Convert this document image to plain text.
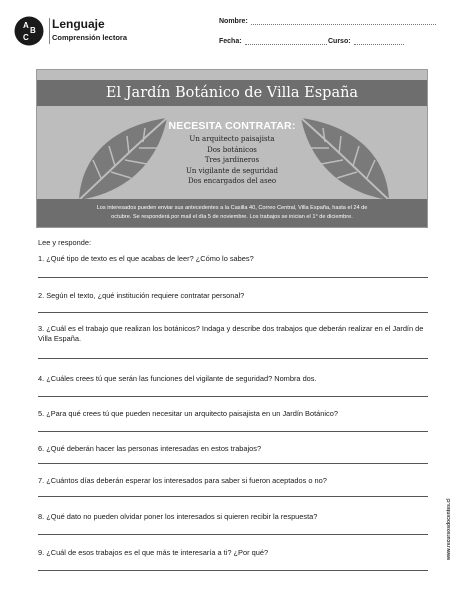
A
B
C
Lenguaje
Comprensión lectora
Nombre:
Fecha:	Curso:
El Jardín Botánico de Villa España
NECESITA CONTRATAR:
Un arquitecto paisajista
Dos botánicos
Tres jardineros
Un vigilante de seguridad
Dos encargados del aseo
Los interesados pueden enviar sus antecedentes a la Casilla 40, Correo Central, Villa España, hasta el 24 de
octubre. Se responderá por mail el día 5 de noviembre. Los trabajos se inician el 1° de diciembre.
Lee y responde:
1. ¿Qué tipo de texto es el que acabas de leer? ¿Cómo lo sabes?
2. Según el texto, ¿qué institución requiere contratar personal?
3. ¿Cuál es el trabajo que realizan los botánicos? Indaga y describe dos trabajos que deberán realizar en el Jardín de Villa España.
4. ¿Cuáles crees tú que serán las funciones del vigilante de seguridad? Nombra dos.
5. ¿Para qué crees tú que pueden necesitar un arquitecto paisajista en un Jardín Botánico?
6. ¿Qué deberán hacer las personas interesadas en estos trabajos?
7. ¿Cuántos días deberán esperar los interesados para saber si fueron aceptados o no?
8. ¿Qué dato no pueden olvidar poner los interesados si quieren recibir la respuesta?
9. ¿Cuál de esos trabajos es el que más te interesaría a ti? ¿Por qué?	www.recursosdocentes.cl
